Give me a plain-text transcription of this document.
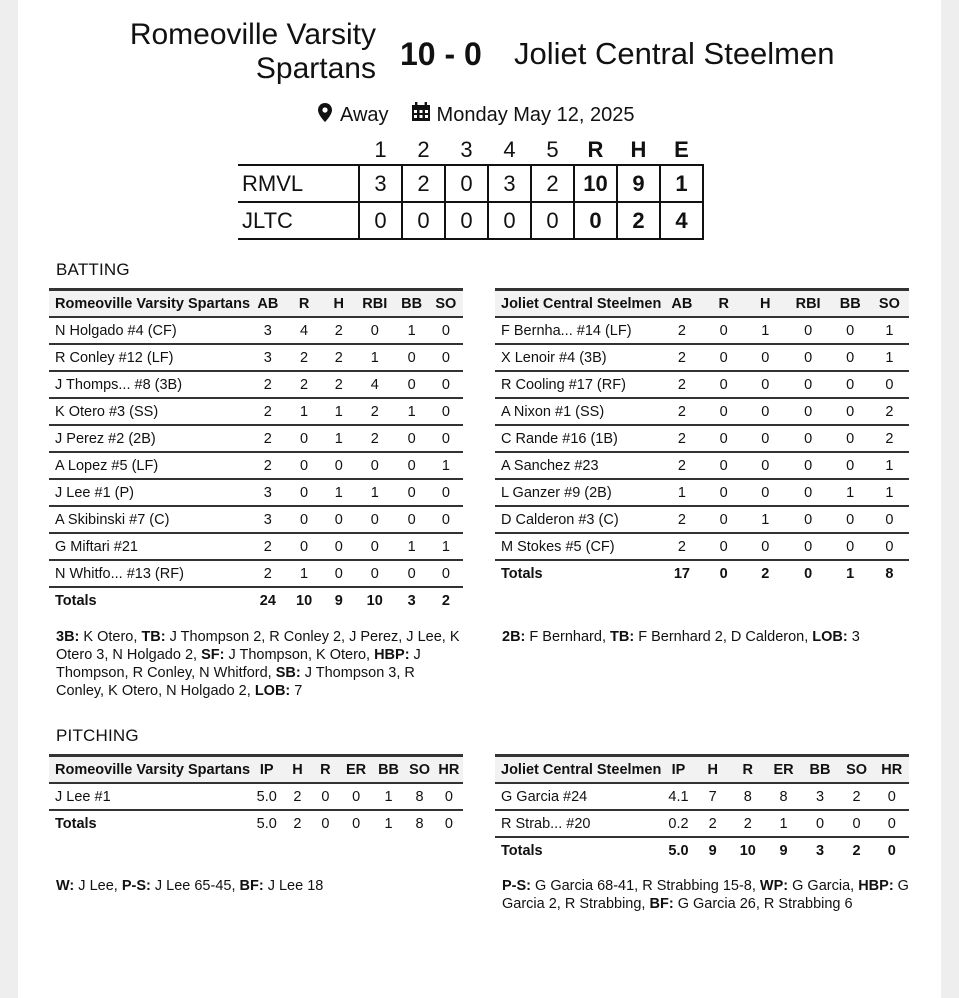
Romeoville Varsity Spartans 10 - 0 Joliet Central Steelmen
Away Monday May 12, 2025
	1	2	3	4	5	R	H	E
RMVL	3	2	0	3	2	10	9	1
JLTC	0	0	0	0	0	0	2	4
BATTING
Romeoville Varsity Spartans	AB	R	H	RBI	BB	SO
N Holgado #4 (CF)	3	4	2	0	1	0
R Conley #12 (LF)	3	2	2	1	0	0
J Thomps... #8 (3B)	2	2	2	4	0	0
K Otero #3 (SS)	2	1	1	2	1	0
J Perez #2 (2B)	2	0	1	2	0	0
A Lopez #5 (LF)	2	0	0	0	0	1
J Lee #1 (P)	3	0	1	1	0	0
A Skibinski #7 (C)	3	0	0	0	0	0
G Miftari #21	2	0	0	0	1	1
N Whitfo... #13 (RF)	2	1	0	0	0	0
Totals	24	10	9	10	3	2
Joliet Central Steelmen	AB	R	H	RBI	BB	SO
F Bernha... #14 (LF)	2	0	1	0	0	1
X Lenoir #4 (3B)	2	0	0	0	0	1
R Cooling #17 (RF)	2	0	0	0	0	0
A Nixon #1 (SS)	2	0	0	0	0	2
C Rande #16 (1B)	2	0	0	0	0	2
A Sanchez #23	2	0	0	0	0	1
L Ganzer #9 (2B)	1	0	0	0	1	1
D Calderon #3 (C)	2	0	1	0	0	0
M Stokes #5 (CF)	2	0	0	0	0	0
Totals	17	0	2	0	1	8
3B: K Otero, TB: J Thompson 2, R Conley 2, J Perez, J Lee, K Otero 3, N Holgado 2, SF: J Thompson, K Otero, HBP: J Thompson, R Conley, N Whitford, SB: J Thompson 3, R Conley, K Otero, N Holgado 2, LOB: 7
2B: F Bernhard, TB: F Bernhard 2, D Calderon, LOB: 3
PITCHING
Romeoville Varsity Spartans	IP	H	R	ER	BB	SO	HR
J Lee #1	5.0	2	0	0	1	8	0
Totals	5.0	2	0	0	1	8	0
Joliet Central Steelmen	IP	H	R	ER	BB	SO	HR
G Garcia #24	4.1	7	8	8	3	2	0
R Strab... #20	0.2	2	2	1	0	0	0
Totals	5.0	9	10	9	3	2	0
W: J Lee, P-S: J Lee 65-45, BF: J Lee 18	P-S: G Garcia 68-41, R Strabbing 15-8, WP: G Garcia, HBP: G Garcia 2, R Strabbing, BF: G Garcia 26, R Strabbing 6
